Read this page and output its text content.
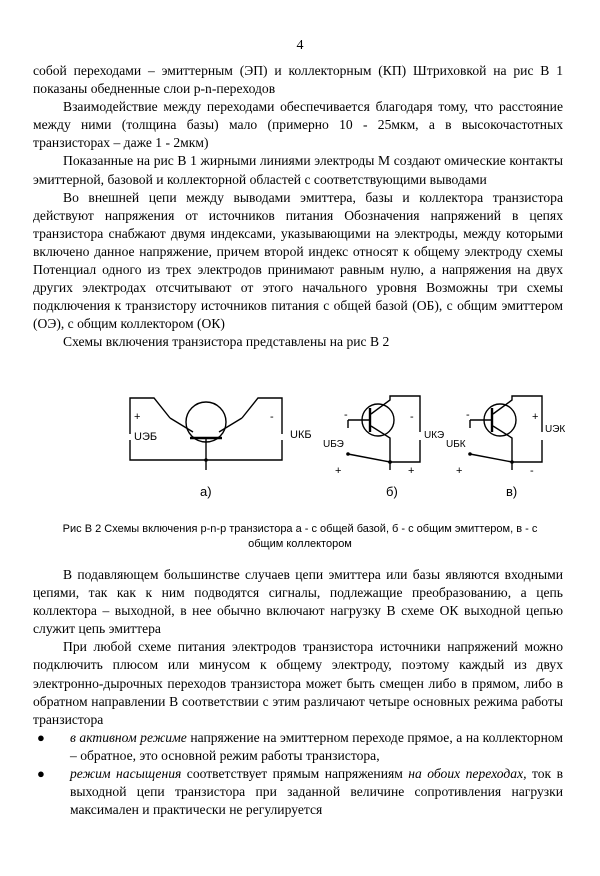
4

собой переходами – эмиттерным (ЭП) и коллекторным (КП) Штриховкой на рис В 1 показаны обедненные слои p-n-переходов

Взаимодействие между переходами обеспечивается благодаря тому, что расстояние между ними (толщина базы) мало (примерно 10 - 25мкм, а в высокочастотных транзисторах – даже 1 - 2мкм)

Показанные на рис В 1 жирными линиями электроды М создают омические контакты эмиттерной, базовой и коллекторной областей с соответствующими выводами

Во внешней цепи между выводами эмиттера, базы и коллектора транзистора действуют напряжения от источников питания Обозначения напряжений в цепях транзистора снабжают двумя индексами, указывающими на электроды, между которыми включено данное напряжение, причем второй индекс относят к общему электроду схемы Потенциал одного из трех электродов принимают равным нулю, а напряжения на двух других электродах отсчитывают от этого начального уровня Возможны три схемы подключения к транзистору источников питания с общей базой (ОБ), с общим эмиттером (ОЭ), с общим коллектором (ОК)

Схемы включения транзистора представлены на рис В 2

+
UЭБ
-
UКБ
а)
UБЭ
+
-
UКЭ
-
+
б)
UБК
+
-
UЭК
+
-
в)
Рис В 2 Схемы включения p-n-p транзистора а - с общей базой, б - с общим эмиттером, в - с общим коллектором

В подавляющем большинстве случаев цепи эмиттера или базы являются входными цепями, так как к ним подводятся сигналы, подлежащие преобразованию, а цепь коллектора – выходной, в нее обычно включают нагрузку В схеме ОК выходной цепью служит цепь эмиттера

При любой схеме питания электродов транзистора источники напряжений можно подключить плюсом или минусом к общему электроду, поэтому каждый из двух электронно-дырочных переходов транзистора может быть смещен либо в прямом, либо в обратном направлении В соответствии с этим различают четыре основных режима работы транзистора

● в активном режиме напряжение на эмиттерном переходе прямое, а на коллекторном – обратное, это основной режим работы транзистора,
● режим насыщения соответствует прямым напряжениям на обоих переходах, ток в выходной цепи транзистора при заданной величине сопротивления нагрузки максимален и практически не регулируется
